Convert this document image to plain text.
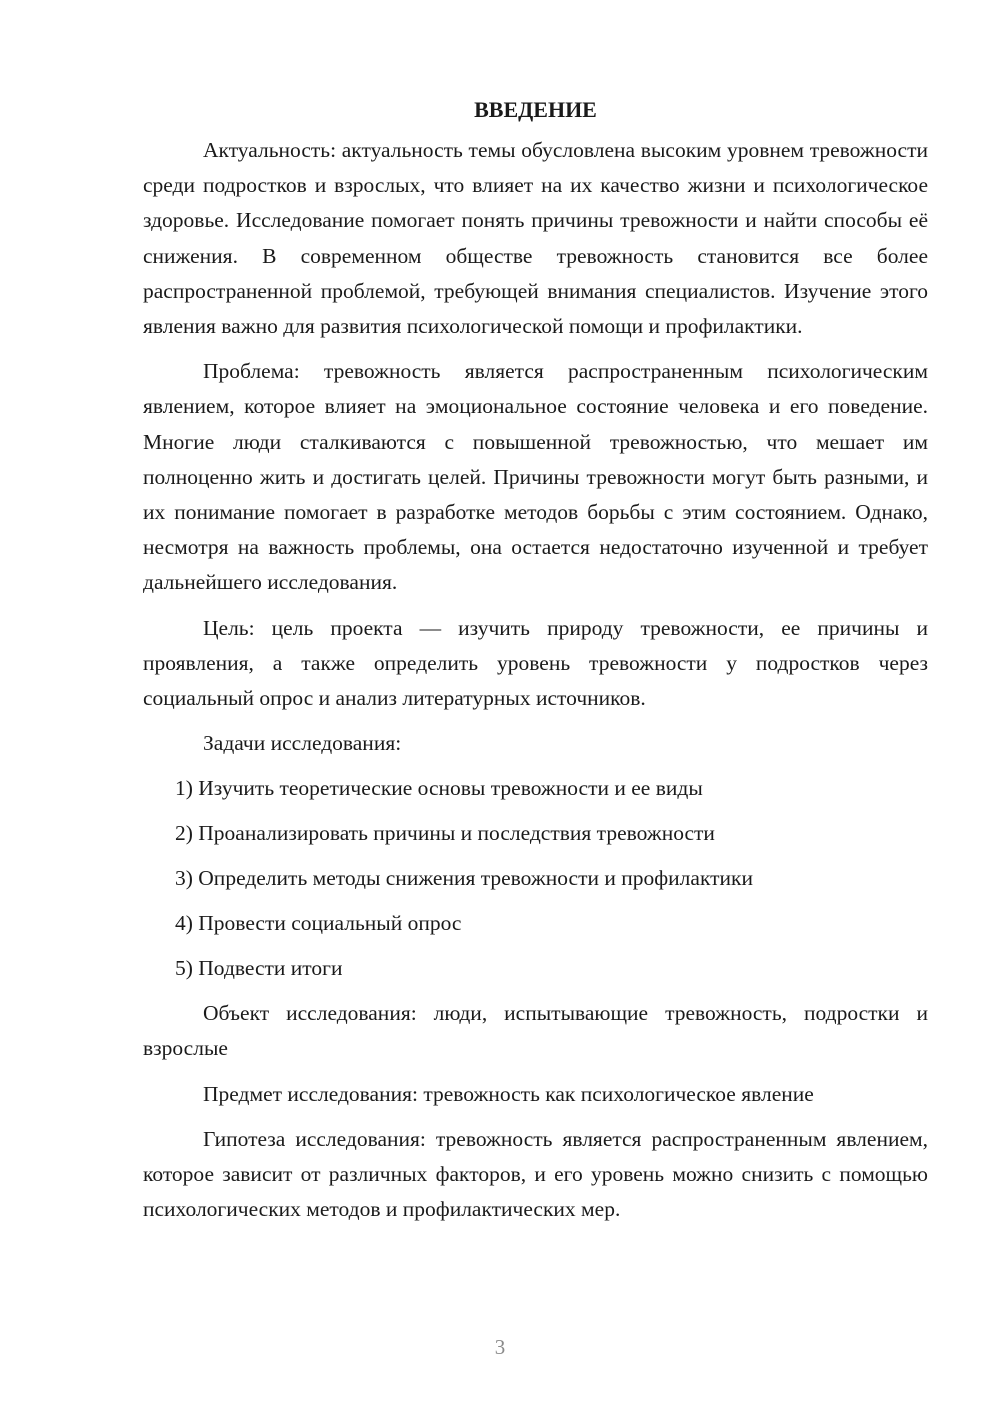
ВВЕДЕНИЕ

Актуальность: актуальность темы обусловлена высоким уровнем тревожности среди подростков и взрослых, что влияет на их качество жизни и психологическое здоровье. Исследование помогает понять причины тревожности и найти способы её снижения. В современном обществе тревожность становится все более распространенной проблемой, требующей внимания специалистов. Изучение этого явления важно для развития психологической помощи и профилактики.

Проблема: тревожность является распространенным психологическим явлением, которое влияет на эмоциональное состояние человека и его поведение. Многие люди сталкиваются с повышенной тревожностью, что мешает им полноценно жить и достигать целей. Причины тревожности могут быть разными, и их понимание помогает в разработке методов борьбы с этим состоянием. Однако, несмотря на важность проблемы, она остается недостаточно изученной и требует дальнейшего исследования.

Цель: цель проекта — изучить природу тревожности, ее причины и проявления, а также определить уровень тревожности у подростков через социальный опрос и анализ литературных источников.

Задачи исследования:
1) Изучить теоретические основы тревожности и ее виды
2) Проанализировать причины и последствия тревожности
3) Определить методы снижения тревожности и профилактики
4) Провести социальный опрос
5) Подвести итоги

Объект исследования: люди, испытывающие тревожность, подростки и взрослые

Предмет исследования: тревожность как психологическое явление

Гипотеза исследования: тревожность является распространенным явлением, которое зависит от различных факторов, и его уровень можно снизить с помощью психологических методов и профилактических мер.

3
